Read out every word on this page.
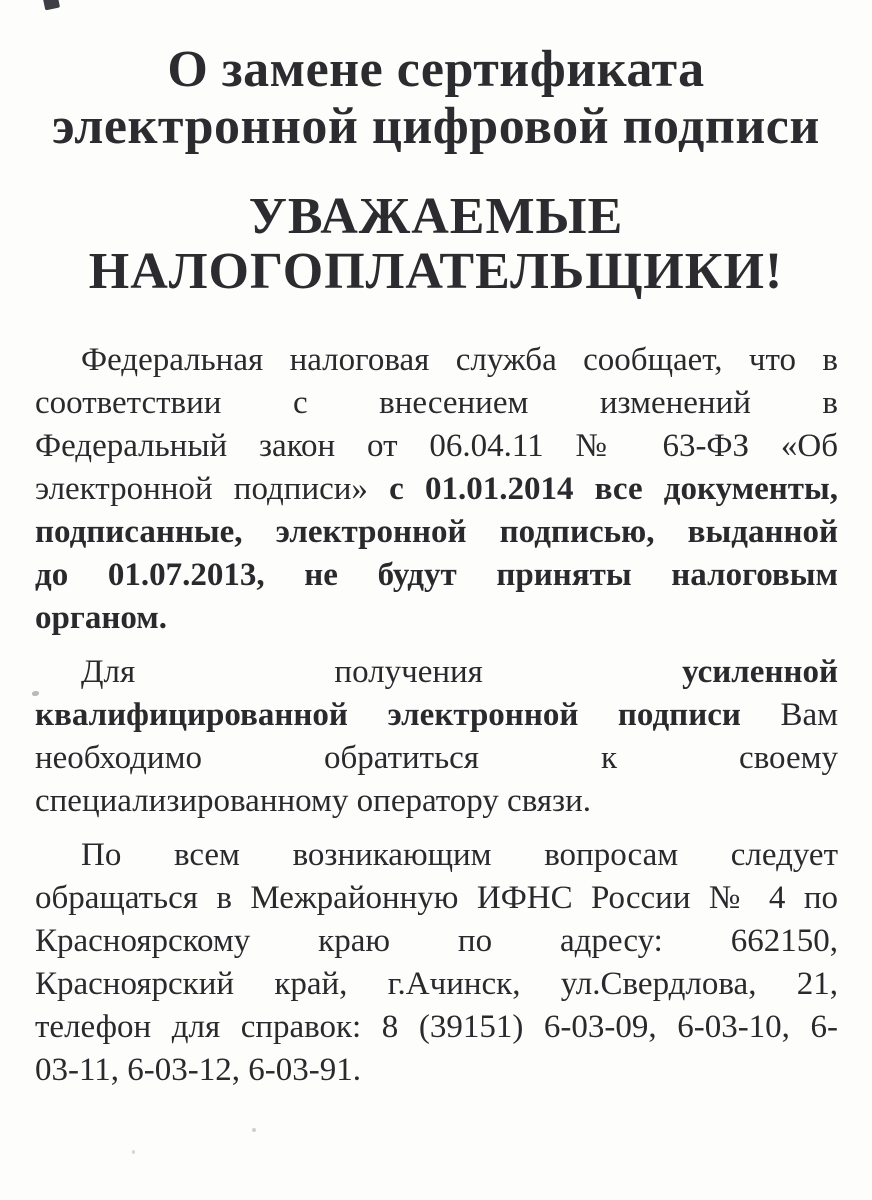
О замене сертификата
электронной цифровой подписи
УВАЖАЕМЫЕ
НАЛОГОПЛАТЕЛЬЩИКИ!

Федеральная налоговая служба сообщает, что в
соответствии с внесением изменений в
Федеральный закон от 06.04.11 № 63-ФЗ «Об
электронной подписи» с 01.01.2014 все документы,
подписанные, электронной подписью, выданной
до 01.07.2013, не будут приняты налоговым
органом.

Для получения усиленной
квалифицированной электронной подписи Вам
необходимо обратиться к своему
специализированному оператору связи.

По всем возникающим вопросам следует
обращаться в Межрайонную ИФНС России № 4 по
Красноярскому краю по адресу: 662150,
Красноярский край, г.Ачинск, ул.Свердлова, 21,
телефон для справок: 8 (39151) 6-03-09, 6-03-10, 6-
03-11, 6-03-12, 6-03-91.
